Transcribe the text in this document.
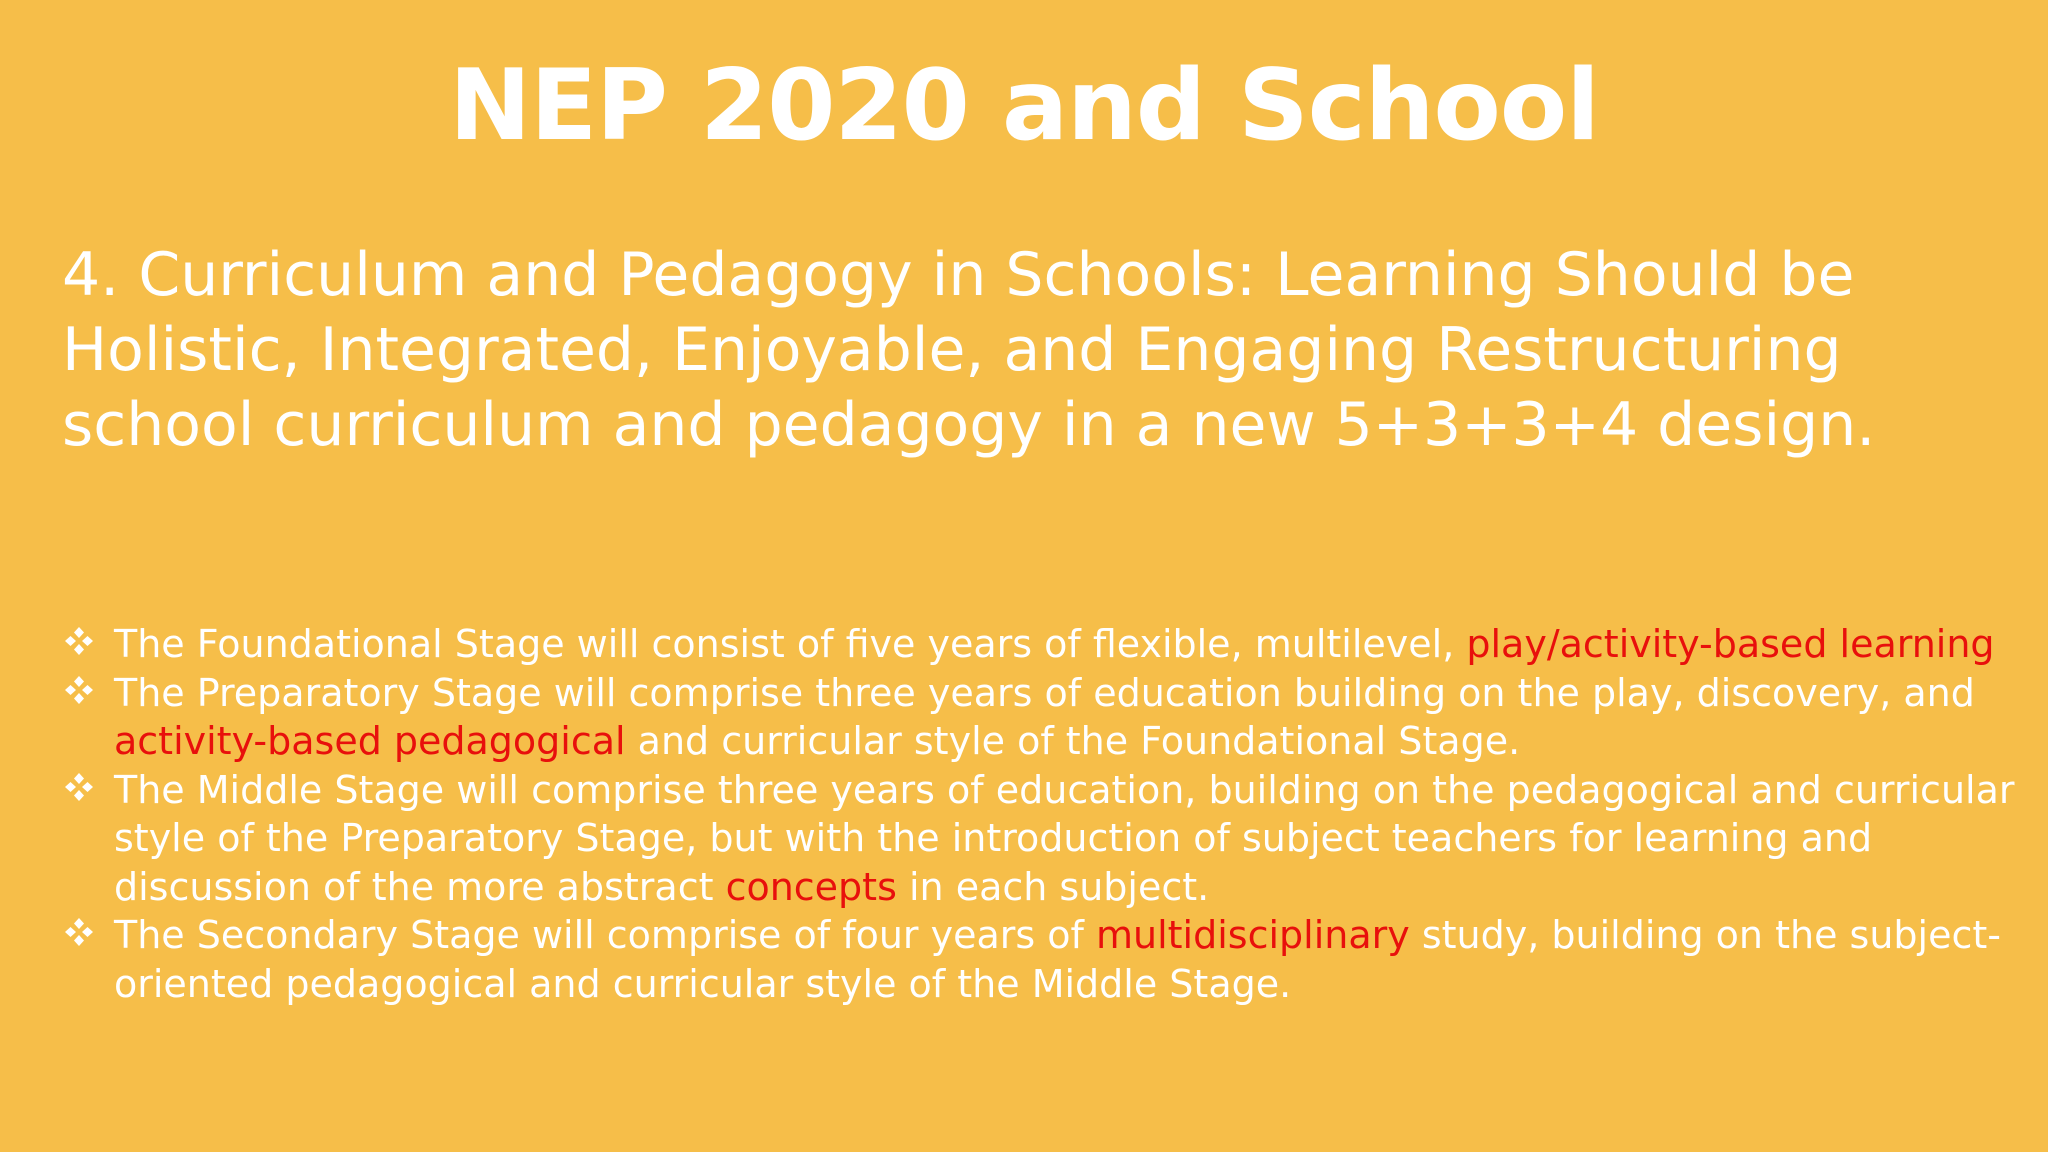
NEP 2020 and School

4. Curriculum and Pedagogy in Schools: Learning Should be Holistic, Integrated, Enjoyable, and Engaging Restructuring school curriculum and pedagogy in a new 5+3+3+4 design.

The Foundational Stage will consist of five years of flexible, multilevel, play/activity-based learning
The Preparatory Stage will comprise three years of education building on the play, discovery, and activity-based pedagogical and curricular style of the Foundational Stage.
The Middle Stage will comprise three years of education, building on the pedagogical and curricular style of the Preparatory Stage, but with the introduction of subject teachers for learning and discussion of the more abstract concepts in each subject.
The Secondary Stage will comprise of four years of multidisciplinary study, building on the subject-oriented pedagogical and curricular style of the Middle Stage.
